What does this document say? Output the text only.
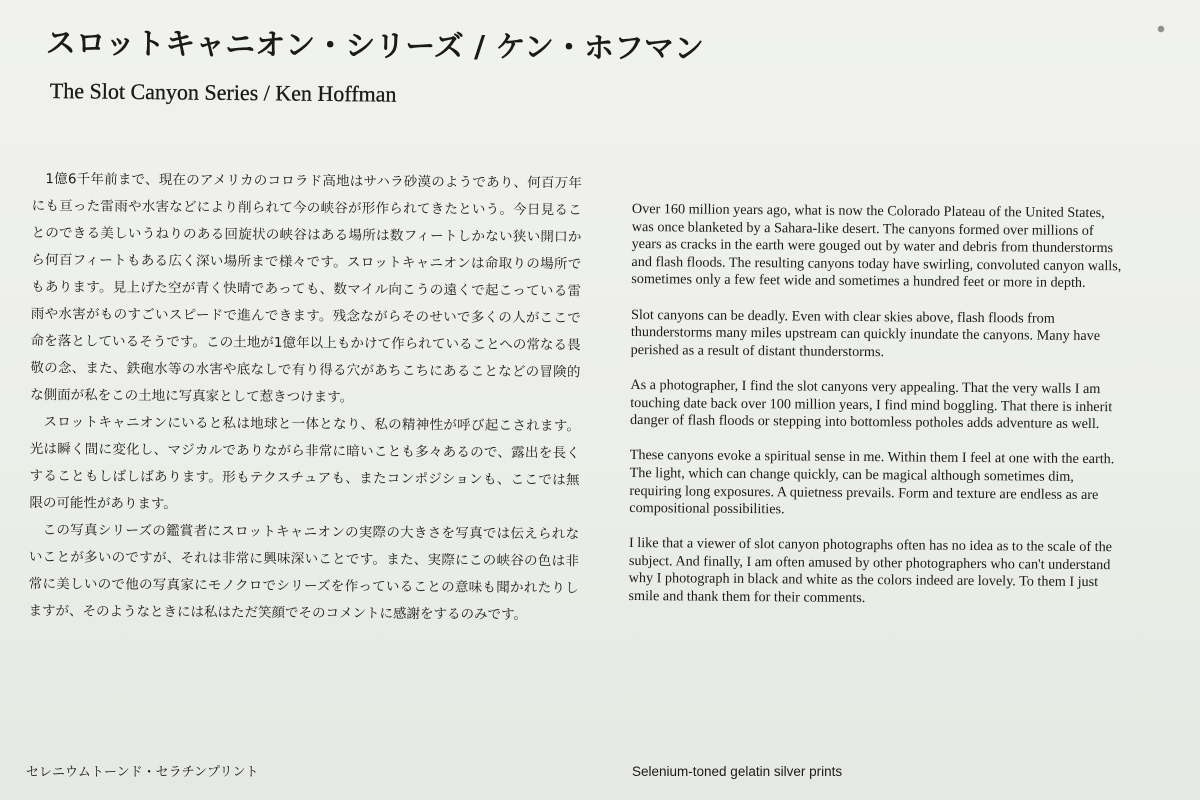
スロットキャニオン・シリーズ / ケン・ホフマン
The Slot Canyon Series / Ken Hoffman

1億6千年前まで、現在のアメリカのコロラド高地はサハラ砂漠のようであり、何百万年にも亘った雷雨や水害などにより削られて今の峡谷が形作られてきたという。今日見ることのできる美しいうねりのある回旋状の峡谷はある場所は数フィートしかない狭い開口から何百フィートもある広く深い場所まで様々です。スロットキャニオンは命取りの場所でもあります。見上げた空が青く快晴であっても、数マイル向こうの遠くで起こっている雷雨や水害がものすごいスピードで進んできます。残念ながらそのせいで多くの人がここで命を落としているそうです。この土地が1億年以上もかけて作られていることへの常なる畏敬の念、また、鉄砲水等の水害や底なしで有り得る穴があちこちにあることなどの冒険的な側面が私をこの土地に写真家として惹きつけます。

スロットキャニオンにいると私は地球と一体となり、私の精神性が呼び起こされます。光は瞬く間に変化し、マジカルでありながら非常に暗いことも多々あるので、露出を長くすることもしばしばあります。形もテクスチュアも、またコンポジションも、ここでは無限の可能性があります。

この写真シリーズの鑑賞者にスロットキャニオンの実際の大きさを写真では伝えられないことが多いのですが、それは非常に興味深いことです。また、実際にこの峡谷の色は非常に美しいので他の写真家にモノクロでシリーズを作っていることの意味も聞かれたりしますが、そのようなときには私はただ笑顔でそのコメントに感謝をするのみです。

Over 160 million years ago, what is now the Colorado Plateau of the United States, was once blanketed by a Sahara-like desert. The canyons formed over millions of years as cracks in the earth were gouged out by water and debris from thunderstorms and flash floods. The resulting canyons today have swirling, convoluted canyon walls, sometimes only a few feet wide and sometimes a hundred feet or more in depth.

Slot canyons can be deadly. Even with clear skies above, flash floods from thunderstorms many miles upstream can quickly inundate the canyons. Many have perished as a result of distant thunderstorms.

As a photographer, I find the slot canyons very appealing. That the very walls I am touching date back over 100 million years, I find mind boggling. That there is inherit danger of flash floods or stepping into bottomless potholes adds adventure as well.

These canyons evoke a spiritual sense in me. Within them I feel at one with the earth. The light, which can change quickly, can be magical although sometimes dim, requiring long exposures. A quietness prevails. Form and texture are endless as are compositional possibilities.

I like that a viewer of slot canyon photographs often has no idea as to the scale of the subject. And finally, I am often amused by other photographers who can't understand why I photograph in black and white as the colors indeed are lovely. To them I just smile and thank them for their comments.

セレニウムトーンド・セラチンプリント	Selenium-toned gelatin silver prints
